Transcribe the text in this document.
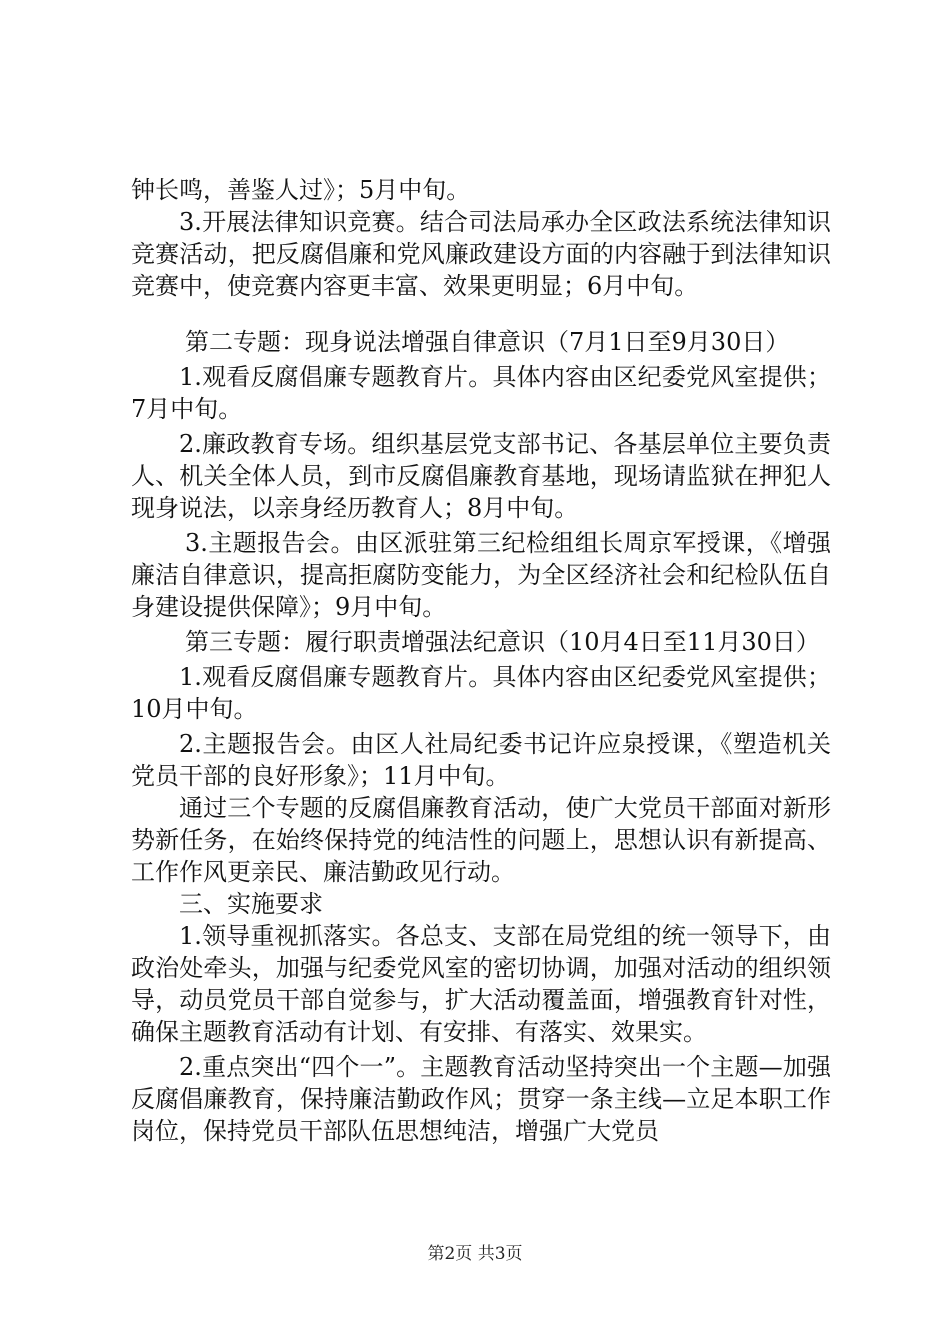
钟长鸣，善鉴人过》；5月中旬。

3.开展法律知识竞赛。结合司法局承办全区政法系统法律知识竞赛活动，把反腐倡廉和党风廉政建设方面的内容融于到法律知识竞赛中，使竞赛内容更丰富、效果更明显；6月中旬。

第二专题：现身说法增强自律意识（7月1日至9月30日）

1.观看反腐倡廉专题教育片。具体内容由区纪委党风室提供；7月中旬。

2.廉政教育专场。组织基层党支部书记、各基层单位主要负责人、机关全体人员，到市反腐倡廉教育基地，现场请监狱在押犯人现身说法，以亲身经历教育人；8月中旬。

3.主题报告会。由区派驻第三纪检组组长周京军授课，《增强廉洁自律意识，提高拒腐防变能力，为全区经济社会和纪检队伍自身建设提供保障》；9月中旬。

第三专题：履行职责增强法纪意识（10月4日至11月30日）

1.观看反腐倡廉专题教育片。具体内容由区纪委党风室提供；10月中旬。

2.主题报告会。由区人社局纪委书记许应泉授课，《塑造机关党员干部的良好形象》；11月中旬。

通过三个专题的反腐倡廉教育活动，使广大党员干部面对新形势新任务，在始终保持党的纯洁性的问题上，思想认识有新提高、工作作风更亲民、廉洁勤政见行动。

三、实施要求

1.领导重视抓落实。各总支、支部在局党组的统一领导下，由政治处牵头，加强与纪委党风室的密切协调，加强对活动的组织领导，动员党员干部自觉参与，扩大活动覆盖面，增强教育针对性，确保主题教育活动有计划、有安排、有落实、效果实。

2.重点突出“四个一”。主题教育活动坚持突出一个主题—加强反腐倡廉教育，保持廉洁勤政作风；贯穿一条主线—立足本职工作岗位，保持党员干部队伍思想纯洁，增强广大党员

第2页 共3页
